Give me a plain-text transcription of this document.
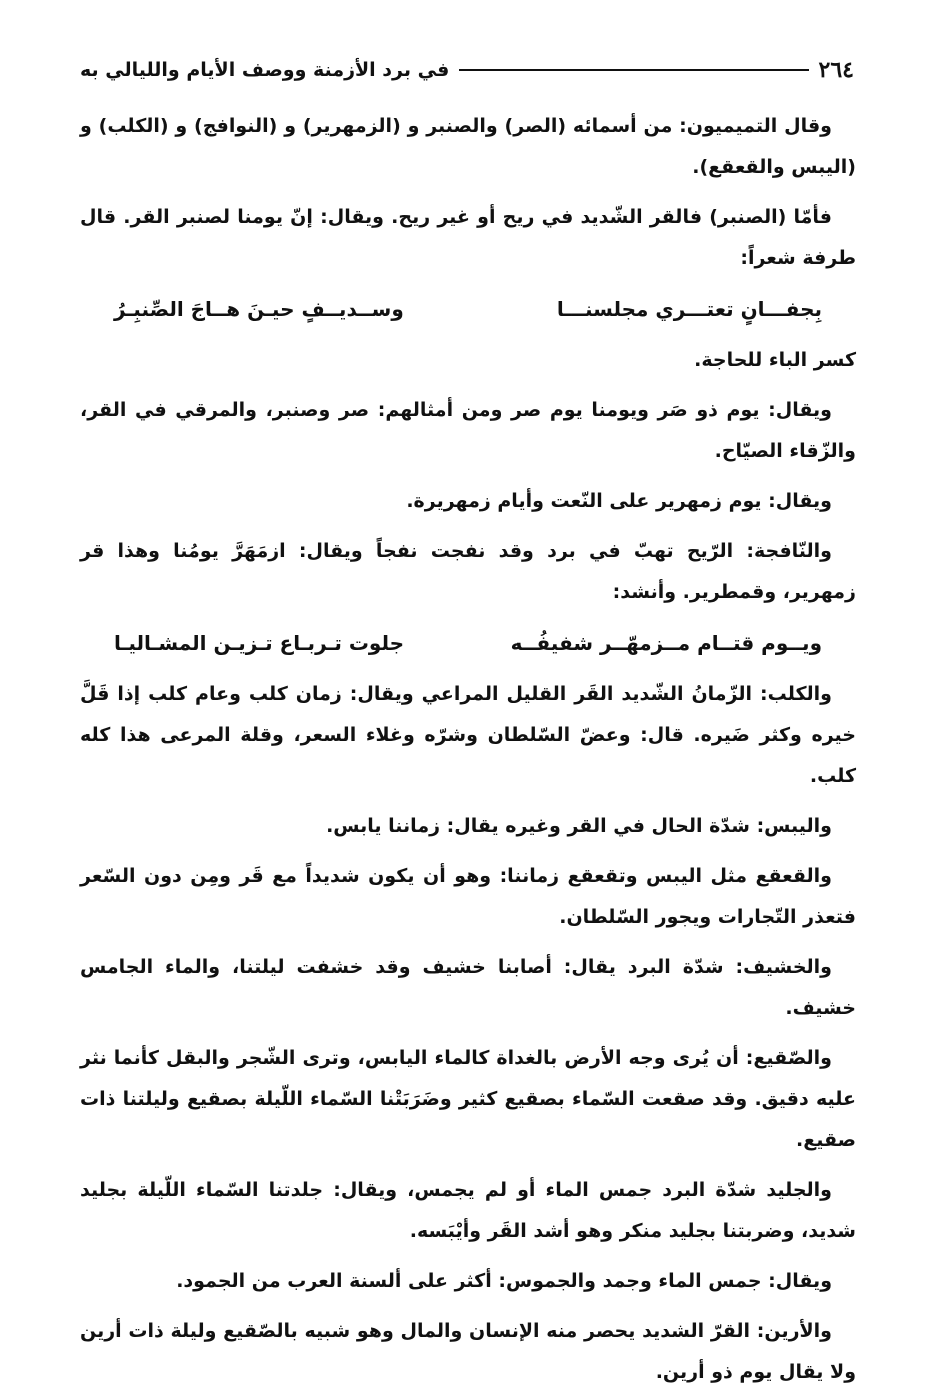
٢٦٤
في برد الأزمنة ووصف الأيام والليالي به

وقال التميميون: من أسمائه (الصر) والصنبر و (الزمهرير) و (النوافج) و (الكلب) و (اليبس والقعقع).

فأمّا (الصنبر) فالقر الشّديد في ريح أو غير ريح. ويقال: إنّ يومنا لصنبر القر. قال طرفة شعراً:

بِجفـــانٍ تعتـــري مجلسنـــا
وســديــفٍ حيـنَ هــاجَ الصِّنبِـرُ

كسر الباء للحاجة.

ويقال: يوم ذو صَر ويومنا يوم صر ومن أمثالهم: صر وصنبر، والمرقي في القر، والزّقاء الصيّاح.

ويقال: يوم زمهرير على النّعت وأيام زمهريرة.

والنّافجة: الرّيح تهبّ في برد وقد نفجت نفجاً ويقال: ازمَهَرَّ يومُنا وهذا قر زمهرير، وقمطرير. وأنشد:

ويــوم قتــام مــزمهّــر شفيفُــه
جلوت تـربـاع تـزيـن المشـاليـا

والكلب: الزّمانُ الشّديد القَر القليل المراعي ويقال: زمان كلب وعام كلب إذا قَلَّ خيره وكثر ضَيره. قال: وعضّ السّلطان وشرّه وغلاء السعر، وقلة المرعى هذا كله كلب.

واليبس: شدّة الحال في القر وغيره يقال: زماننا يابس.

والقعقع مثل اليبس وتقعقع زماننا: وهو أن يكون شديداً مع قَر ومِن دون السّعر فتعذر التّجارات ويجور السّلطان.

والخشيف: شدّة البرد يقال: أصابنا خشيف وقد خشفت ليلتنا، والماء الجامس خشيف.

والصّقيع: أن يُرى وجه الأرض بالغداة كالماء اليابس، وترى الشّجر والبقل كأنما نثر عليه دقيق. وقد صقعت السّماء بصقيع كثير وضَرَبَتْنا السّماء اللّيلة بصقيع وليلتنا ذات صقيع.

والجليد شدّة البرد جمس الماء أو لم يجمس، ويقال: جلدتنا السّماء اللّيلة بجليد شديد، وضربتنا بجليد منكر وهو أشد القَر وأيْبَسه.

ويقال: جمس الماء وجمد والجموس: أكثر على ألسنة العرب من الجمود.

والأرين: القرّ الشديد يحصر منه الإنسان والمال وهو شبيه بالصّقيع وليلة ذات أرين ولا يقال يوم ذو أرين.
